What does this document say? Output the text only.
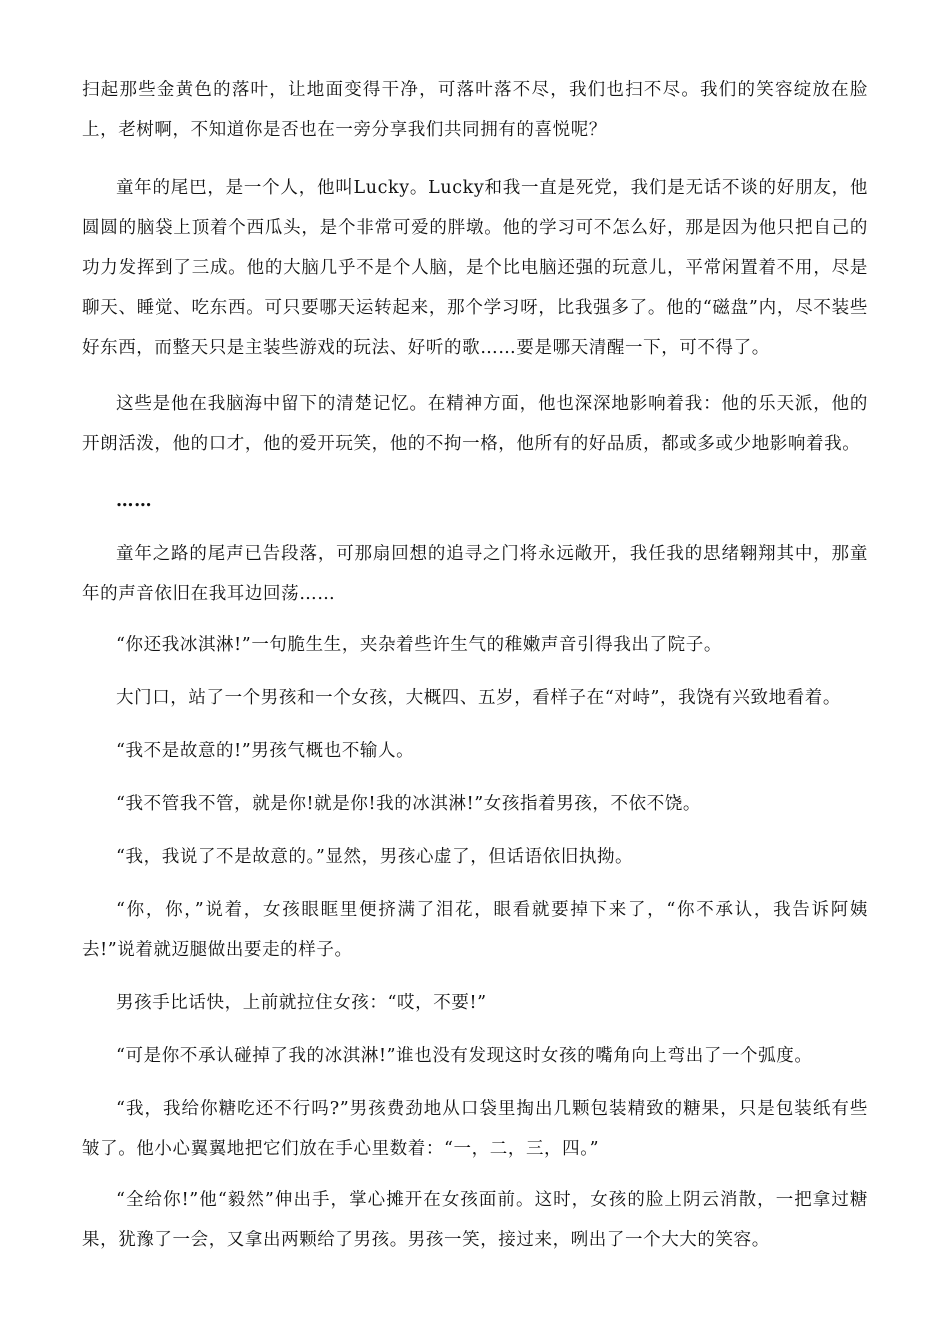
扫起那些金黄色的落叶，让地面变得干净，可落叶落不尽，我们也扫不尽。我们的笑容绽放在脸上，老树啊，不知道你是否也在一旁分享我们共同拥有的喜悦呢？

童年的尾巴，是一个人，他叫Lucky。Lucky和我一直是死党，我们是无话不谈的好朋友，他圆圆的脑袋上顶着个西瓜头，是个非常可爱的胖墩。他的学习可不怎么好，那是因为他只把自己的功力发挥到了三成。他的大脑几乎不是个人脑，是个比电脑还强的玩意儿，平常闲置着不用，尽是聊天、睡觉、吃东西。可只要哪天运转起来，那个学习呀，比我强多了。他的“磁盘”内，尽不装些好东西，而整天只是主装些游戏的玩法、好听的歌……要是哪天清醒一下，可不得了。

这些是他在我脑海中留下的清楚记忆。在精神方面，他也深深地影响着我：他的乐天派，他的开朗活泼，他的口才，他的爱开玩笑，他的不拘一格，他所有的好品质，都或多或少地影响着我。

……

童年之路的尾声已告段落，可那扇回想的追寻之门将永远敞开，我任我的思绪翱翔其中，那童年的声音依旧在我耳边回荡……

“你还我冰淇淋!”一句脆生生，夹杂着些许生气的稚嫩声音引得我出了院子。

大门口，站了一个男孩和一个女孩，大概四、五岁，看样子在“对峙”，我饶有兴致地看着。

“我不是故意的!”男孩气概也不输人。

“我不管我不管，就是你!就是你!我的冰淇淋!”女孩指着男孩，不依不饶。

“我，我说了不是故意的。”显然，男孩心虚了，但话语依旧执拗。

“你，你，”说着，女孩眼眶里便挤满了泪花，眼看就要掉下来了，“你不承认，我告诉阿姨去!”说着就迈腿做出要走的样子。

男孩手比话快，上前就拉住女孩：“哎，不要!”

“可是你不承认碰掉了我的冰淇淋!”谁也没有发现这时女孩的嘴角向上弯出了一个弧度。

“我，我给你糖吃还不行吗?”男孩费劲地从口袋里掏出几颗包装精致的糖果，只是包装纸有些皱了。他小心翼翼地把它们放在手心里数着：“一，二，三，四。”

“全给你!”他“毅然”伸出手，掌心摊开在女孩面前。这时，女孩的脸上阴云消散，一把拿过糖果，犹豫了一会，又拿出两颗给了男孩。男孩一笑，接过来，咧出了一个大大的笑容。
